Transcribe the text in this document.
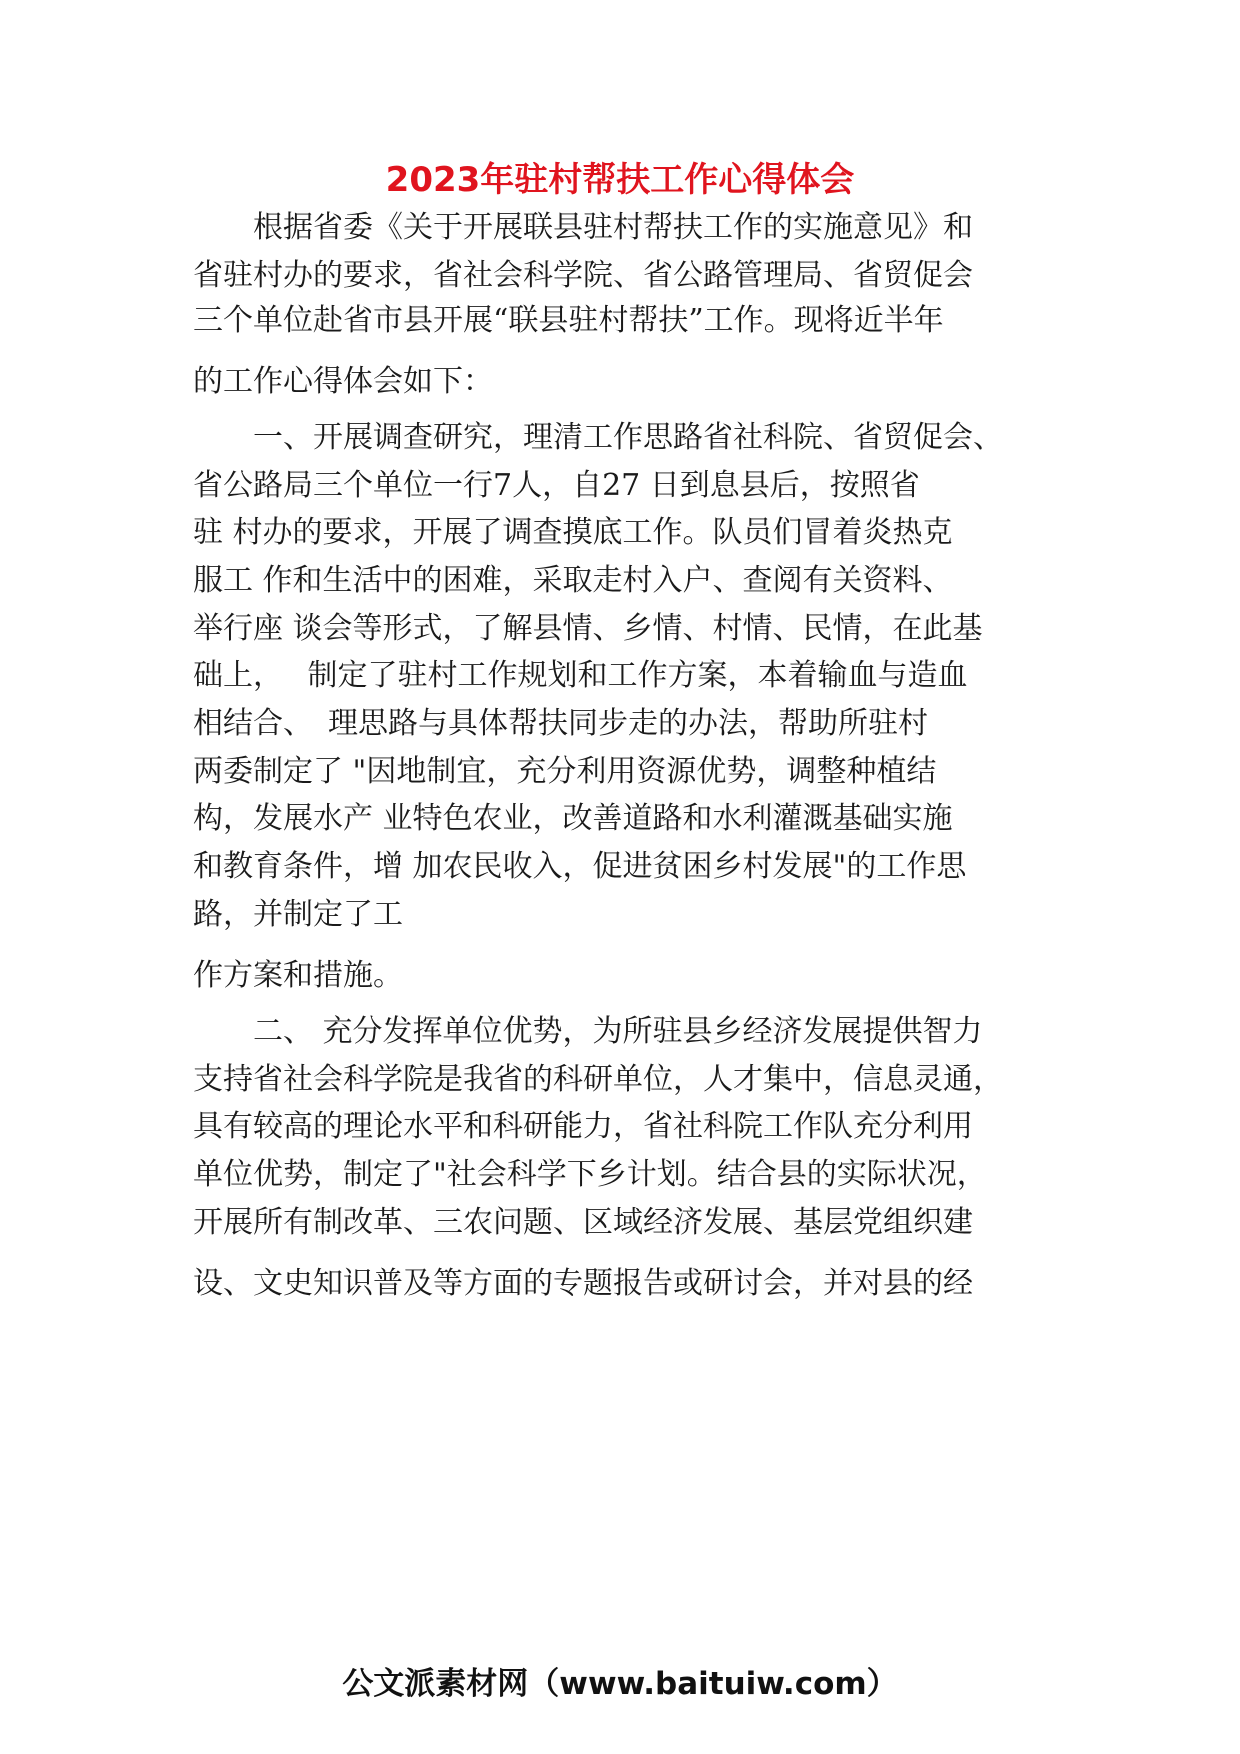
2023年驻村帮扶工作心得体会

　　根据省委《关于开展联县驻村帮扶工作的实施意见》和

省驻村办的要求，省社会科学院、省公路管理局、省贸促会

三个单位赴省市县开展“联县驻村帮扶”工作。现将近半年

的工作心得体会如下：

　　一、开展调查研究，理清工作思路省社科院、省贸促会、

省公路局三个单位一行7人，自27 日到息县后，按照省

驻 村办的要求，开展了调查摸底工作。队员们冒着炎热克

服工 作和生活中的困难，采取走村入户、查阅有关资料、

举行座 谈会等形式，了解县情、乡情、村情、民情，在此基

础上，　 制定了驻村工作规划和工作方案，本着输血与造血

相结合、　理思路与具体帮扶同步走的办法，帮助所驻村

两委制定了 "因地制宜，充分利用资源优势，调整种植结

构，发展水产 业特色农业，改善道路和水利灌溉基础实施

和教育条件，增 加农民收入，促进贫困乡村发展"的工作思

路，并制定了工

作方案和措施。

　　二、 充分发挥单位优势，为所驻县乡经济发展提供智力

支持省社会科学院是我省的科研单位，人才集中，信息灵通，

具有较高的理论水平和科研能力，省社科院工作队充分利用

单位优势，制定了"社会科学下乡计划。结合县的实际状况，

开展所有制改革、三农问题、区域经济发展、基层党组织建

设、文史知识普及等方面的专题报告或研讨会，并对县的经

公文派素材网（www.baituiw.com）
